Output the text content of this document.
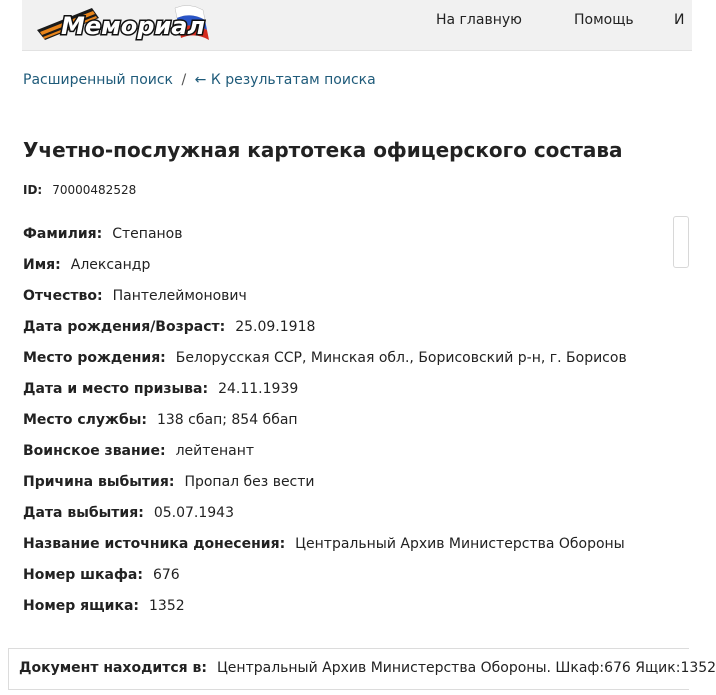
Мемориал	На главную	Помощь	И
Расширенный поиск / ← К результатам поиска
Учетно-послужная картотека офицерского состава
ID: 70000482528
Фамилия: Степанов
Имя: Александр
Отчество: Пантелеймонович
Дата рождения/Возраст: 25.09.1918
Место рождения: Белорусская ССР, Минская обл., Борисовский р-н, г. Борисов
Дата и место призыва: 24.11.1939
Место службы: 138 сбап; 854 ббап
Воинское звание: лейтенант
Причина выбытия: Пропал без вести
Дата выбытия: 05.07.1943
Название источника донесения: Центральный Архив Министерства Обороны
Номер шкафа: 676
Номер ящика: 1352
Документ находится в: Центральный Архив Министерства Обороны. Шкаф:676 Ящик:1352
